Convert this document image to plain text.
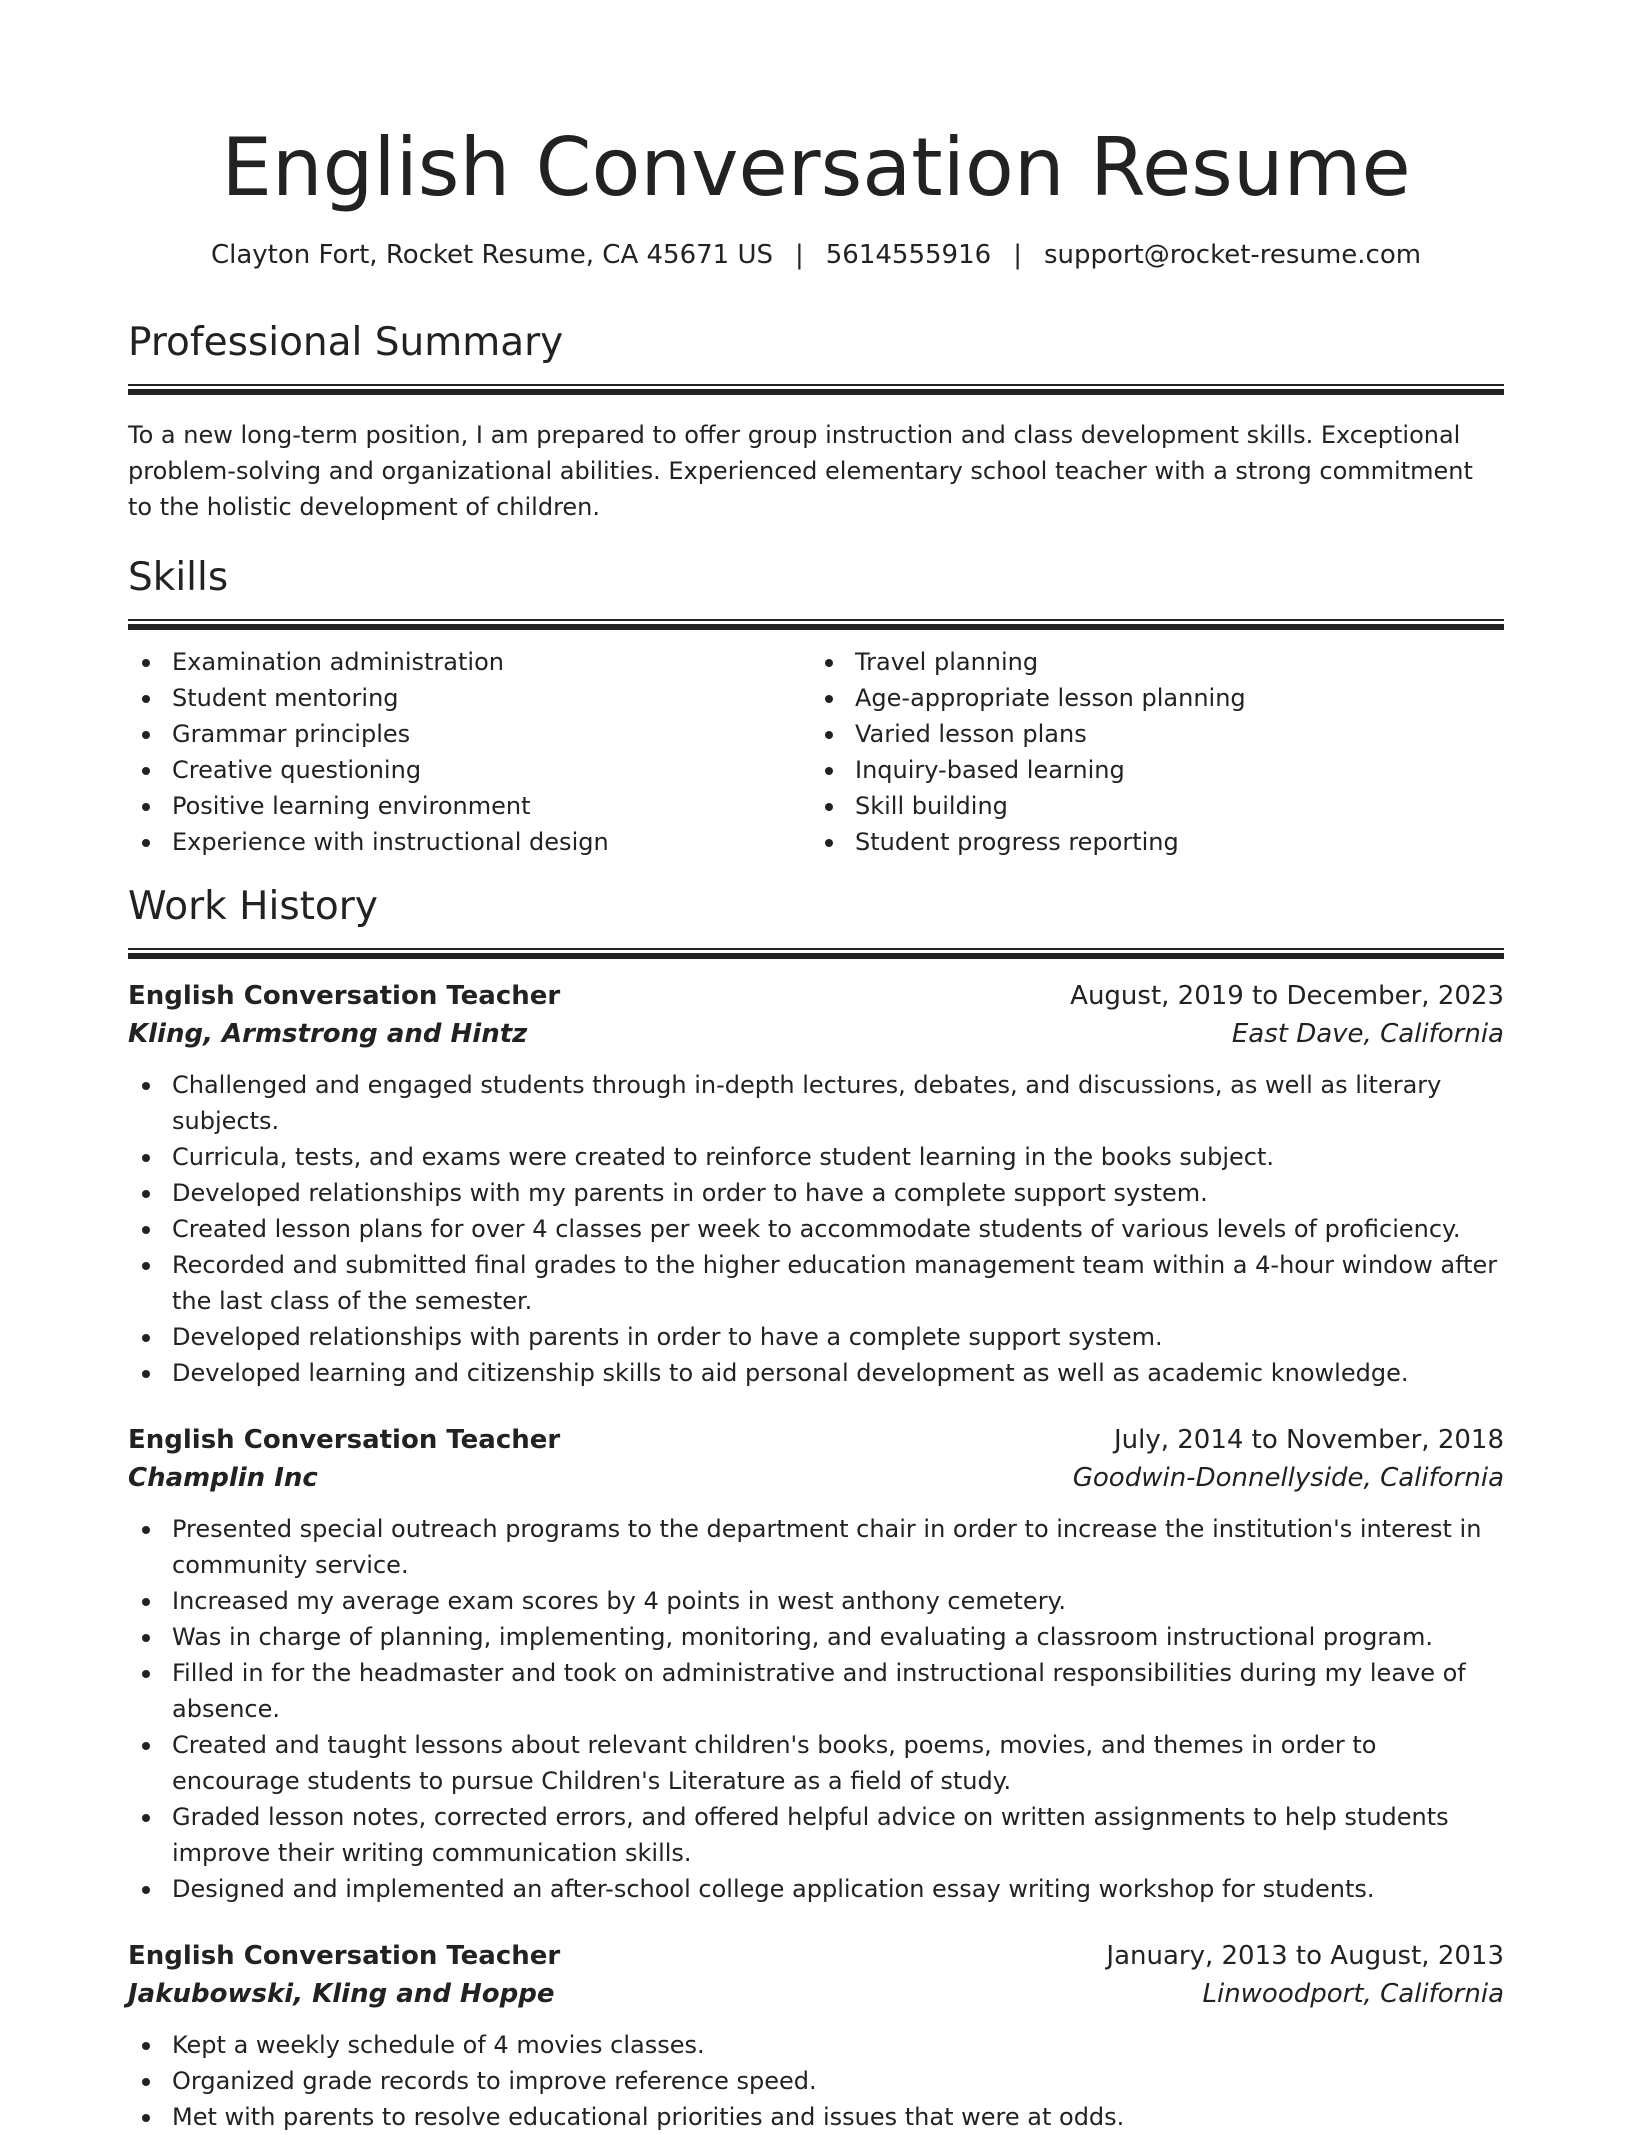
English Conversation Resume
Clayton Fort, Rocket Resume, CA 45671 US | 5614555916 | support@rocket-resume.com
Professional Summary

To a new long-term position, I am prepared to offer group instruction and class development skills. Exceptional problem-solving and organizational abilities. Experienced elementary school teacher with a strong commitment to the holistic development of children.

Skills
Examination administration
Student mentoring
Grammar principles
Creative questioning
Positive learning environment
Experience with instructional design
Travel planning
Age-appropriate lesson planning
Varied lesson plans
Inquiry-based learning
Skill building
Student progress reporting
Work History
English Conversation Teacher	August, 2019 to December, 2023
Kling, Armstrong and Hintz	East Dave, California
Challenged and engaged students through in-depth lectures, debates, and discussions, as well as literary subjects.
Curricula, tests, and exams were created to reinforce student learning in the books subject.
Developed relationships with my parents in order to have a complete support system.
Created lesson plans for over 4 classes per week to accommodate students of various levels of proficiency.
Recorded and submitted final grades to the higher education management team within a 4-hour window after the last class of the semester.
Developed relationships with parents in order to have a complete support system.
Developed learning and citizenship skills to aid personal development as well as academic knowledge.
English Conversation Teacher	July, 2014 to November, 2018
Champlin Inc	Goodwin-Donnellyside, California
Presented special outreach programs to the department chair in order to increase the institution's interest in community service.
Increased my average exam scores by 4 points in west anthony cemetery.
Was in charge of planning, implementing, monitoring, and evaluating a classroom instructional program.
Filled in for the headmaster and took on administrative and instructional responsibilities during my leave of absence.
Created and taught lessons about relevant children's books, poems, movies, and themes in order to encourage students to pursue Children's Literature as a field of study.
Graded lesson notes, corrected errors, and offered helpful advice on written assignments to help students improve their writing communication skills.
Designed and implemented an after-school college application essay writing workshop for students.
English Conversation Teacher	January, 2013 to August, 2013
Jakubowski, Kling and Hoppe	Linwoodport, California
Kept a weekly schedule of 4 movies classes.
Organized grade records to improve reference speed.
Met with parents to resolve educational priorities and issues that were at odds.
